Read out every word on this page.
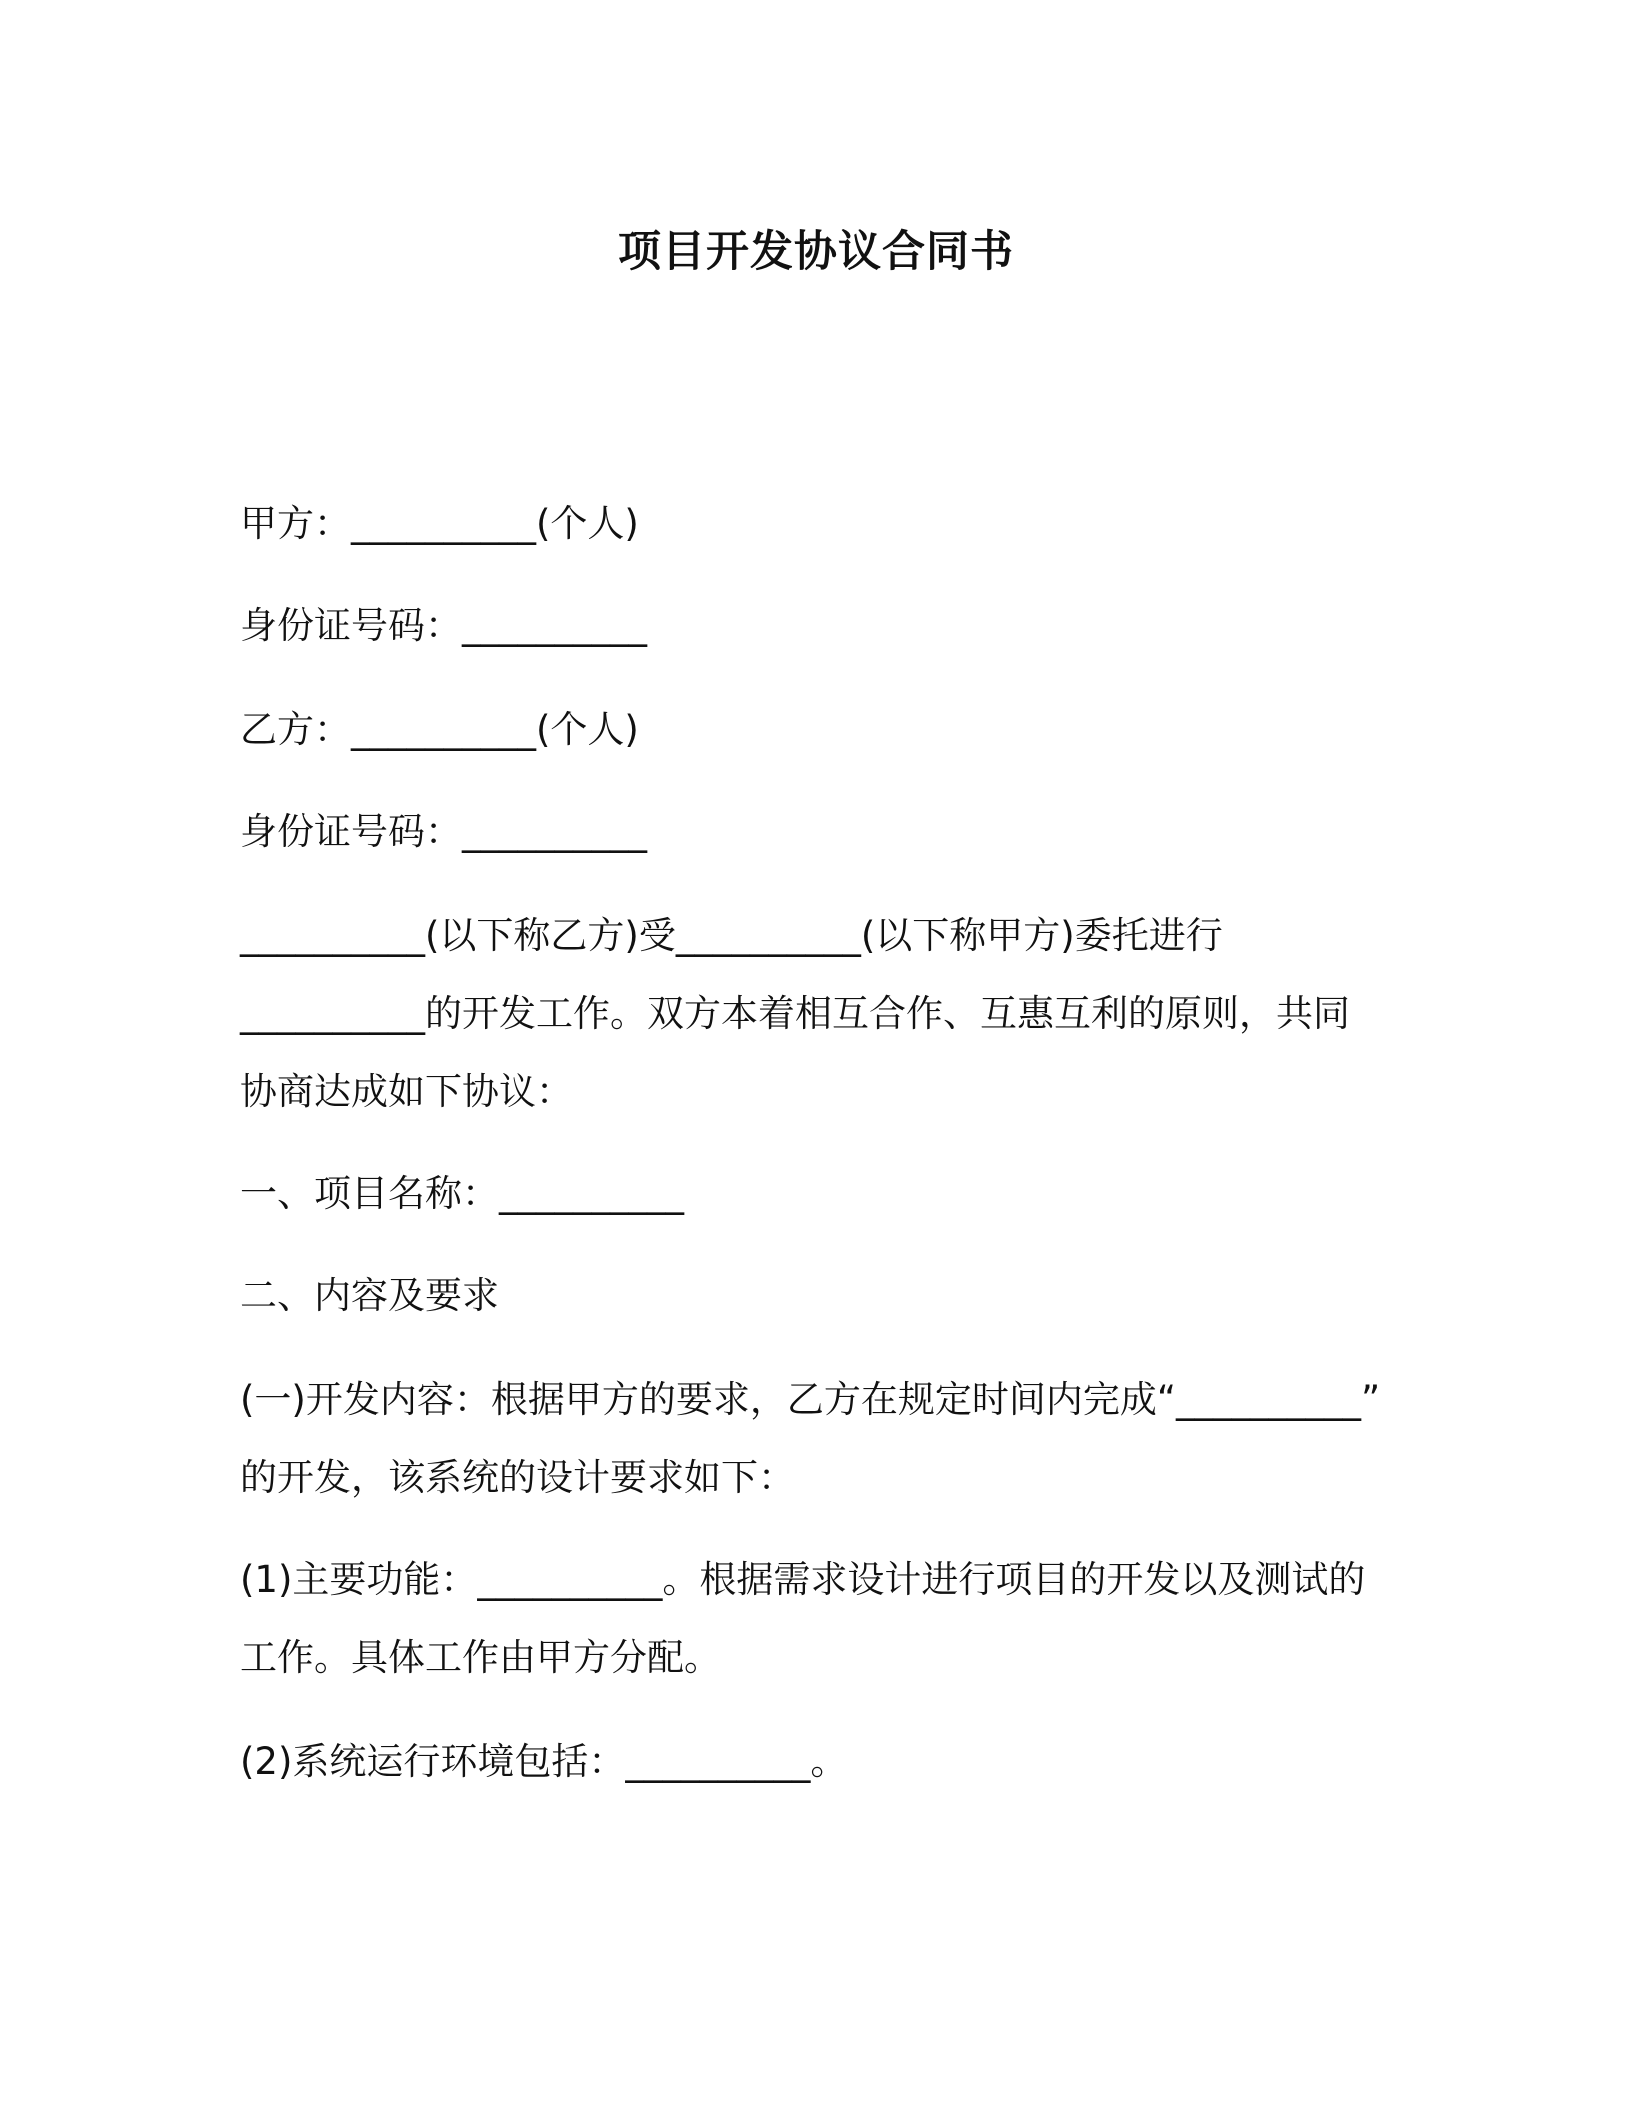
项目开发协议合同书
甲方：__________(个人)
身份证号码：__________
乙方：__________(个人)
身份证号码：__________
__________(以下称乙方)受__________(以下称甲方)委托进行
__________的开发工作。双方本着相互合作、互惠互利的原则，共同
协商达成如下协议：
一、项目名称：__________
二、内容及要求
(一)开发内容：根据甲方的要求，乙方在规定时间内完成“__________”
的开发，该系统的设计要求如下：
(1)主要功能：__________。根据需求设计进行项目的开发以及测试的
工作。具体工作由甲方分配。
(2)系统运行环境包括：__________。
